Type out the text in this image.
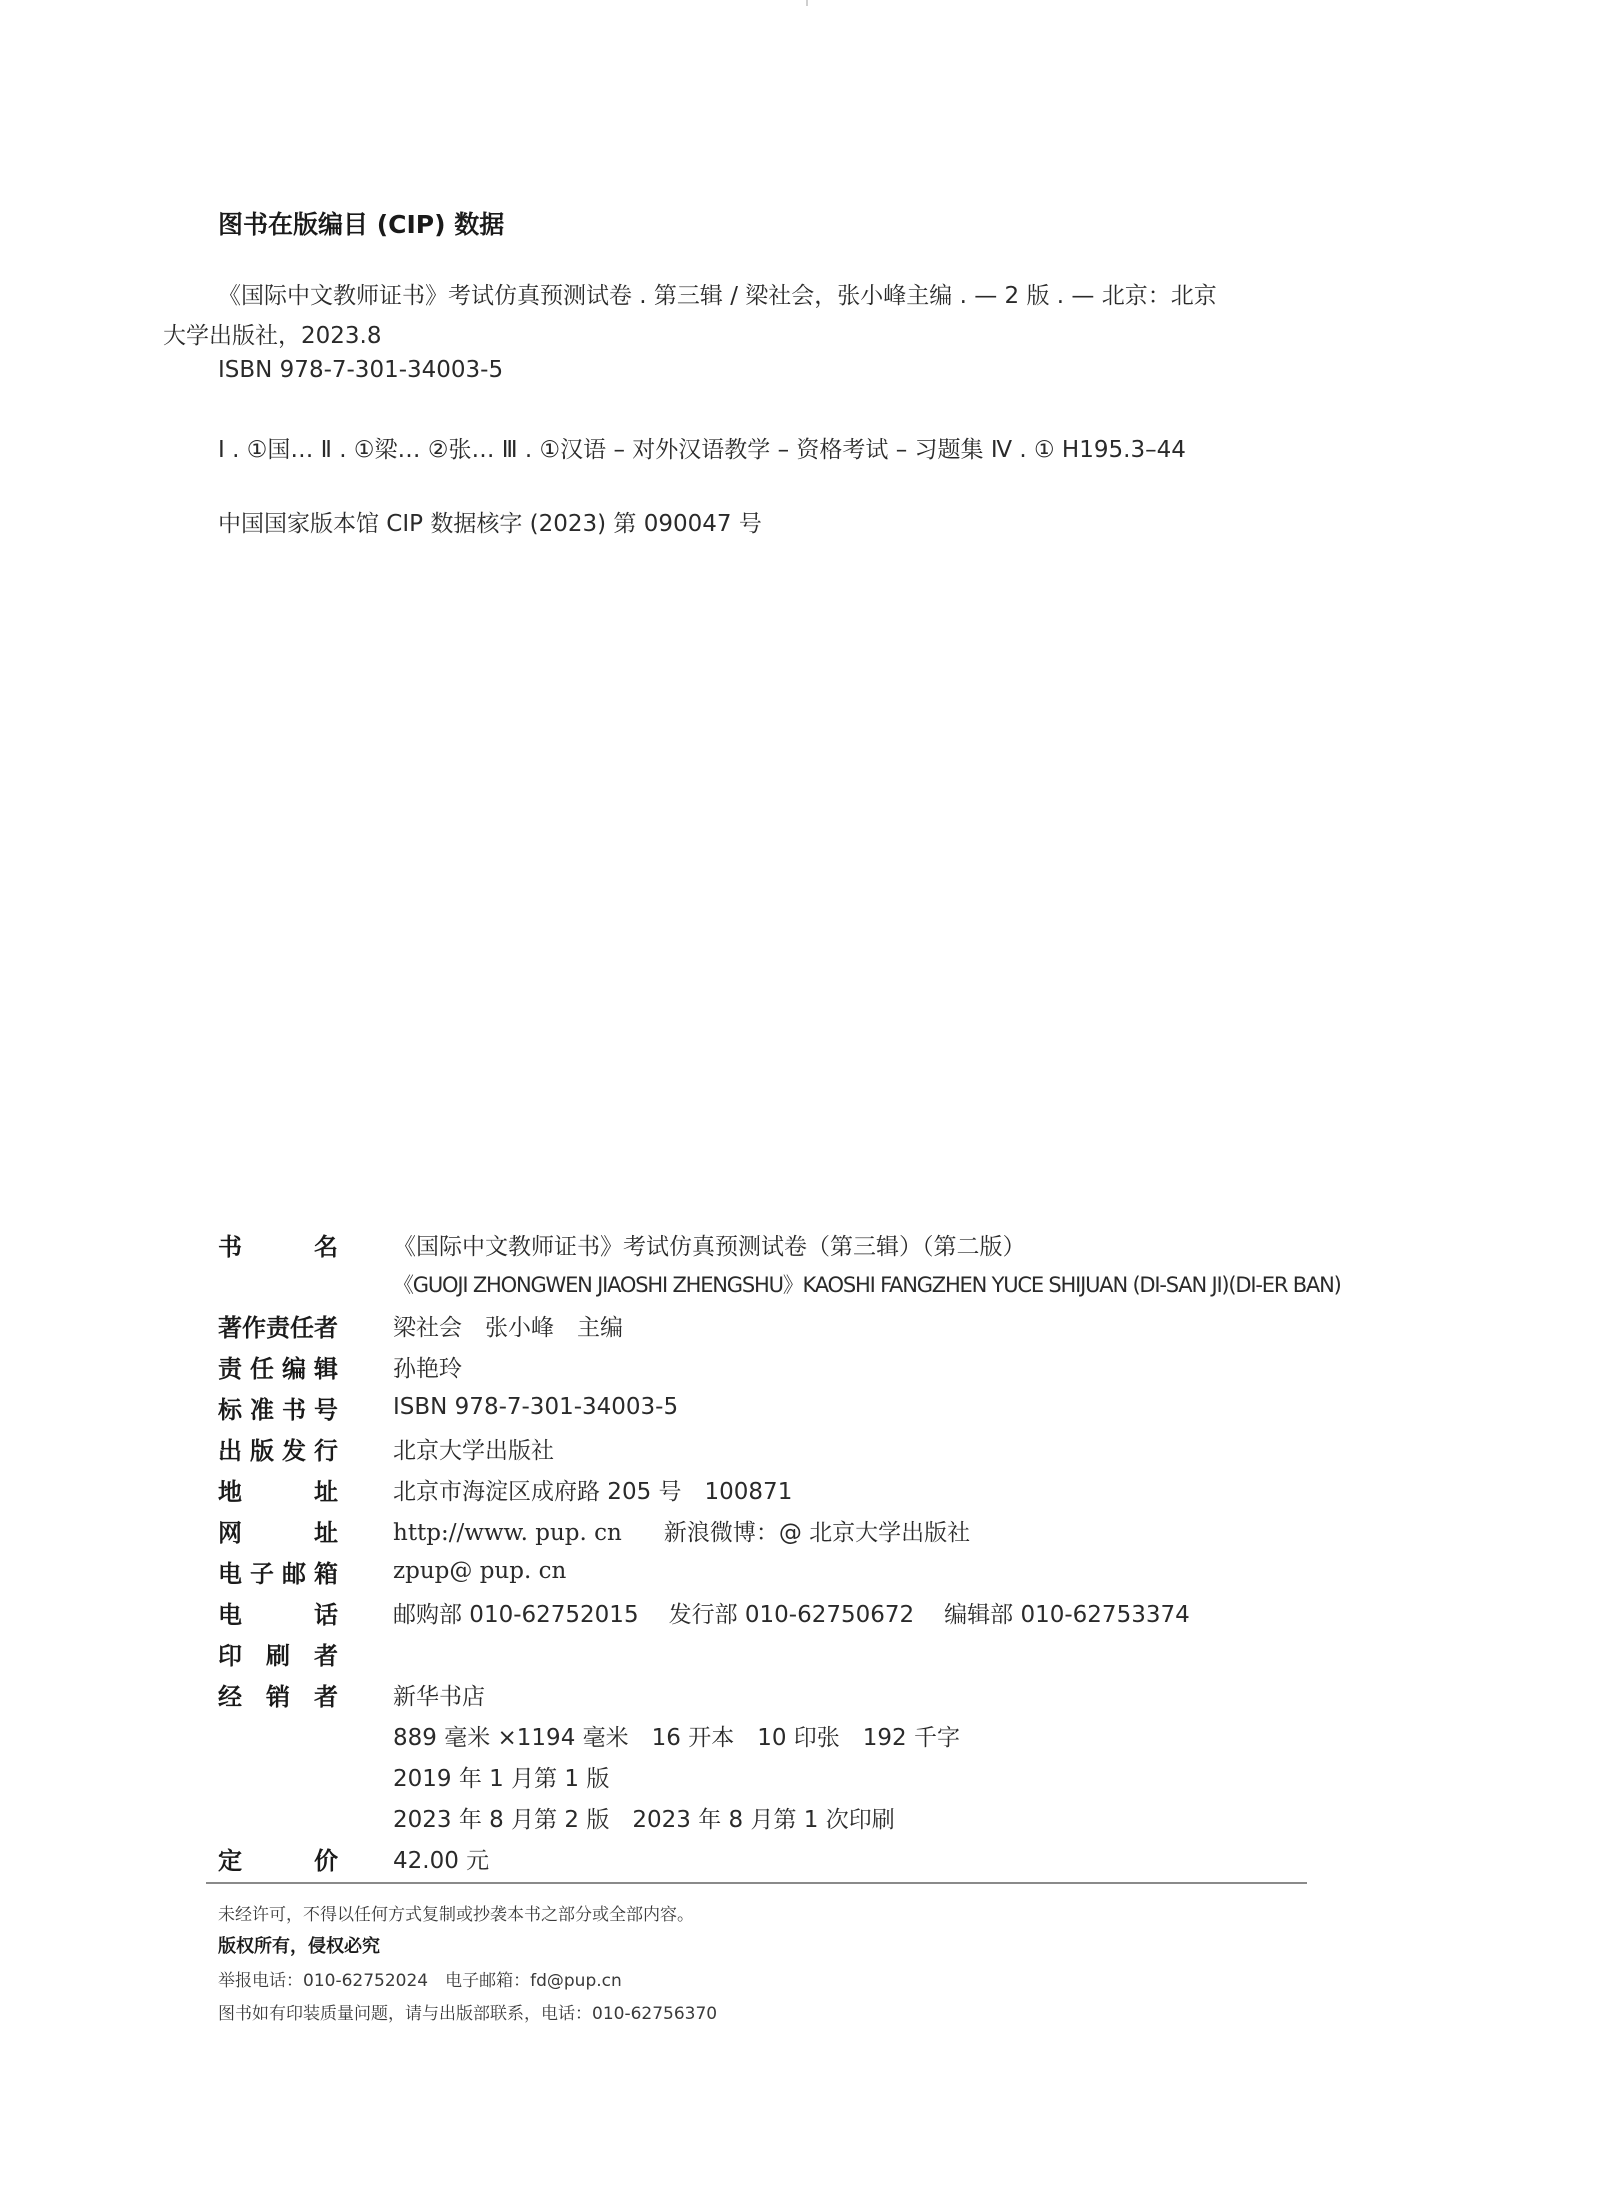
图书在版编目 (CIP) 数据
《国际中文教师证书》考试仿真预测试卷 . 第三辑 / 梁社会，张小峰主编 . — 2 版 . — 北京：北京
大学出版社，2023.8
ISBN 978-7-301-34003-5
Ⅰ . ①国… Ⅱ . ①梁… ②张… Ⅲ . ①汉语 – 对外汉语教学 – 资格考试 – 习题集 Ⅳ . ① H195.3–44
中国国家版本馆 CIP 数据核字 (2023) 第 090047 号
书	名 《国际中文教师证书》考试仿真预测试卷（第三辑）（第二版）
《GUOJI ZHONGWEN JIAOSHI ZHENGSHU》KAOSHI FANGZHEN YUCE SHIJUAN (DI-SAN JI)(DI-ER BAN)
著作责任者 梁社会　张小峰　主编
责 任 编 辑 孙艳玲
标 准 书 号 ISBN 978-7-301-34003-5
出 版 发 行 北京大学出版社
地	址 北京市海淀区成府路 205 号　100871
网	址 http://www. pup. cn 新浪微博：@ 北京大学出版社
电 子 邮 箱 zpup@ pup. cn
电	话 邮购部 010-62752015 发行部 010-62750672 编辑部 010-62753374
印 刷 者
经 销 者 新华书店
889 毫米 ×1194 毫米　16 开本　10 印张　192 千字
2019 年 1 月第 1 版
2023 年 8 月第 2 版　2023 年 8 月第 1 次印刷
定	价 42.00 元
未经许可，不得以任何方式复制或抄袭本书之部分或全部内容。
版权所有，侵权必究
举报电话：010-62752024　电子邮箱：fd@pup.cn
图书如有印装质量问题，请与出版部联系，电话：010-62756370
